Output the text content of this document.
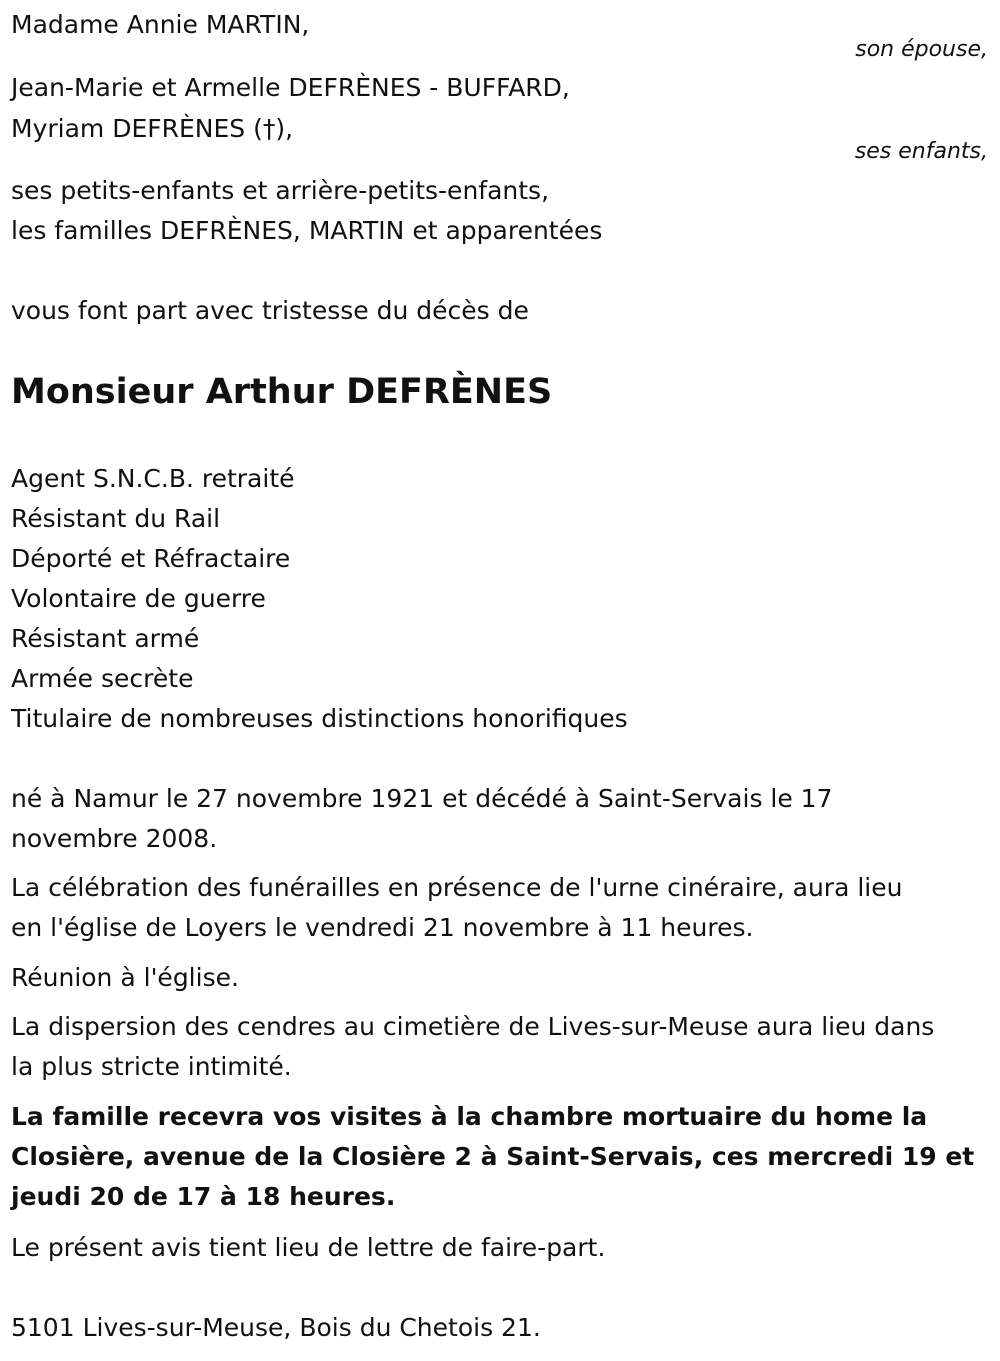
Madame Annie MARTIN,
son épouse,
Jean-Marie et Armelle DEFRÈNES - BUFFARD,
Myriam DEFRÈNES (†),
ses enfants,
ses petits-enfants et arrière-petits-enfants,
les familles DEFRÈNES, MARTIN et apparentées
vous font part avec tristesse du décès de
Monsieur Arthur DEFRÈNES
Agent S.N.C.B. retraité
Résistant du Rail
Déporté et Réfractaire
Volontaire de guerre
Résistant armé
Armée secrète
Titulaire de nombreuses distinctions honorifiques
né à Namur le 27 novembre 1921 et décédé à Saint-Servais le 17
novembre 2008.
La célébration des funérailles en présence de l'urne cinéraire, aura lieu
en l'église de Loyers le vendredi 21 novembre à 11 heures.
Réunion à l'église.
La dispersion des cendres au cimetière de Lives-sur-Meuse aura lieu dans
la plus stricte intimité.
La famille recevra vos visites à la chambre mortuaire du home la
Closière, avenue de la Closière 2 à Saint-Servais, ces mercredi 19 et
jeudi 20 de 17 à 18 heures.
Le présent avis tient lieu de lettre de faire-part.
5101 Lives-sur-Meuse, Bois du Chetois 21.
